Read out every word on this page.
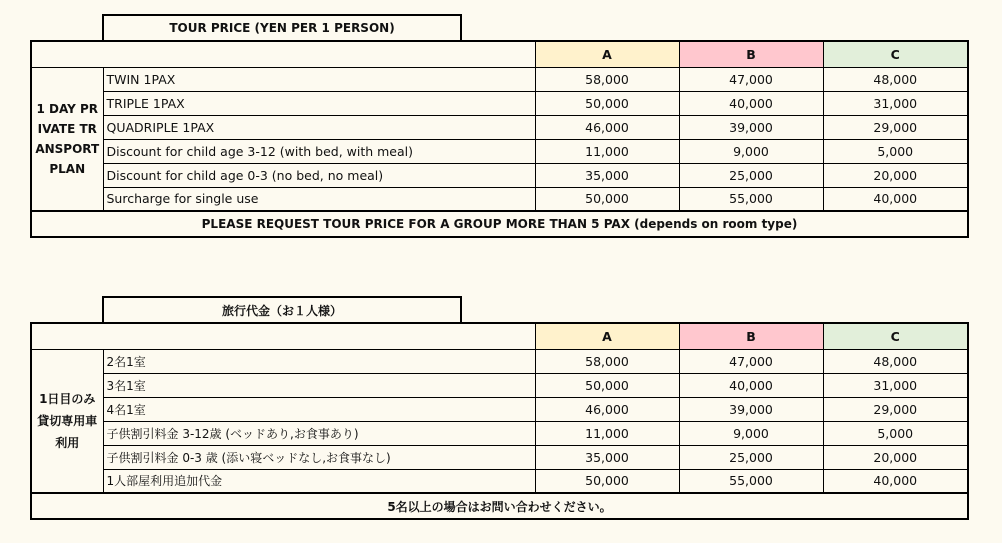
TOUR PRICE (YEN PER 1 PERSON)
		A	B	C
1 DAY PRIVATE TRANSPORT PLAN	TWIN 1PAX	58,000	47,000	48,000
	TRIPLE 1PAX	50,000	40,000	31,000
	QUADRIPLE 1PAX	46,000	39,000	29,000
	Discount for child age 3-12 (with bed, with meal)	11,000	9,000	5,000
	Discount for child age 0-3 (no bed, no meal)	35,000	25,000	20,000
	Surcharge for single use	50,000	55,000	40,000
PLEASE REQUEST TOUR PRICE FOR A GROUP MORE THAN 5 PAX (depends on room type)				
旅行代金（お１人様）
		A	B	C
1日目のみ貸切専用車利用	2名1室	58,000	47,000	48,000
	3名1室	50,000	40,000	31,000
	4名1室	46,000	39,000	29,000
	子供割引料金 3-12歳 (ベッドあり,お食事あり)	11,000	9,000	5,000
	子供割引料金 0-3 歳 (添い寝ベッドなし,お食事なし)	35,000	25,000	20,000
	1人部屋利用追加代金	50,000	55,000	40,000
5名以上の場合はお問い合わせください。				
